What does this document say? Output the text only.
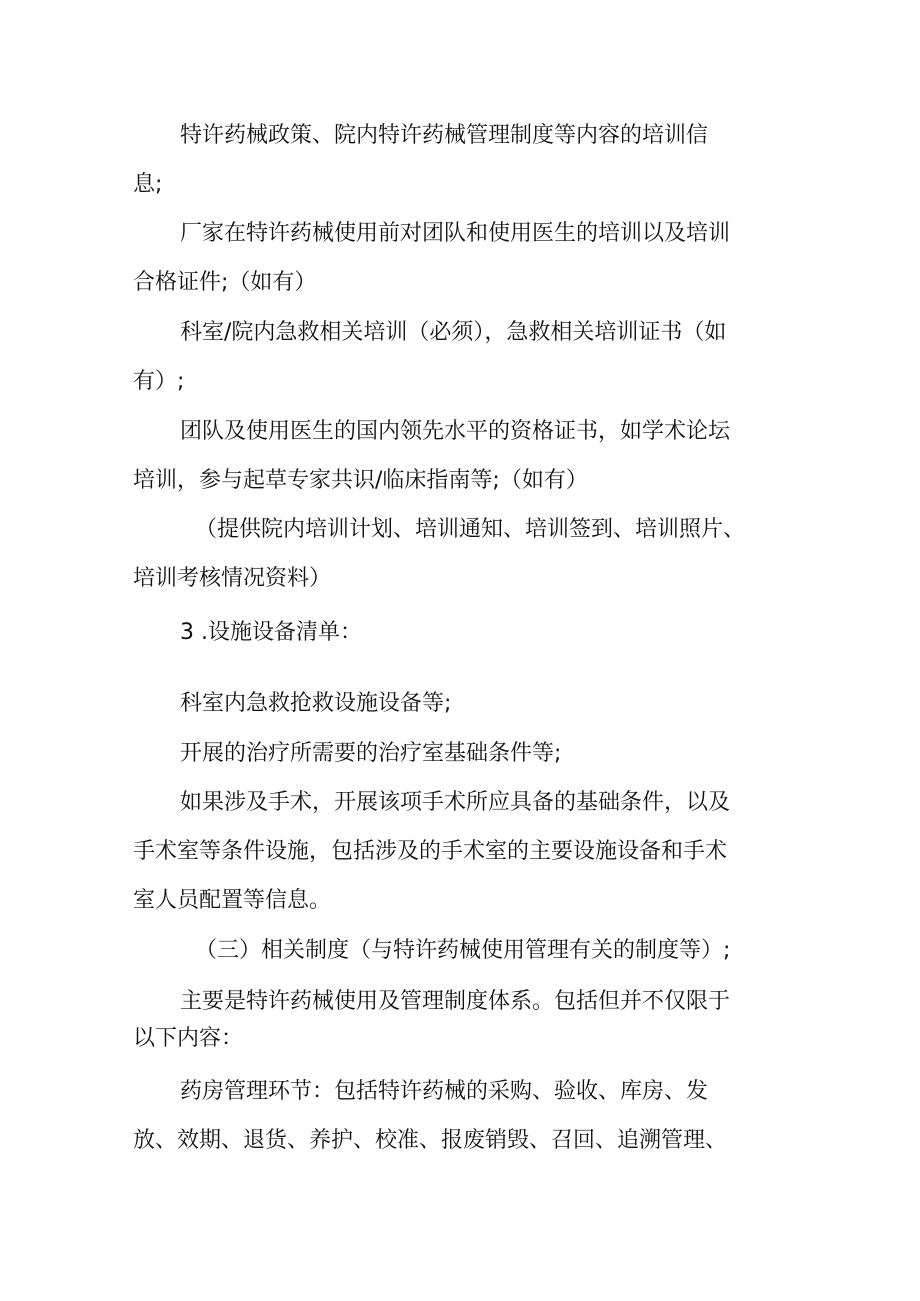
特许药械政策、院内特许药械管理制度等内容的培训信
息;
厂家在特许药械使用前对团队和使用医生的培训以及培训
合格证件;（如有）
科室/院内急救相关培训（必须），急救相关培训证书（如
有）;
团队及使用医生的国内领先水平的资格证书，如学术论坛
培训，参与起草专家共识/临床指南等;（如有）
（提供院内培训计划、培训通知、培训签到、培训照片、
培训考核情况资料）
3 .设施设备清单：
科室内急救抢救设施设备等;
开展的治疗所需要的治疗室基础条件等;
如果涉及手术，开展该项手术所应具备的基础条件，以及
手术室等条件设施，包括涉及的手术室的主要设施设备和手术
室人员配置等信息。
（三）相关制度（与特许药械使用管理有关的制度等）;
主要是特许药械使用及管理制度体系。包括但并不仅限于
以下内容：
药房管理环节：包括特许药械的采购、验收、库房、发
放、效期、退货、养护、校准、报废销毁、召回、追溯管理、
